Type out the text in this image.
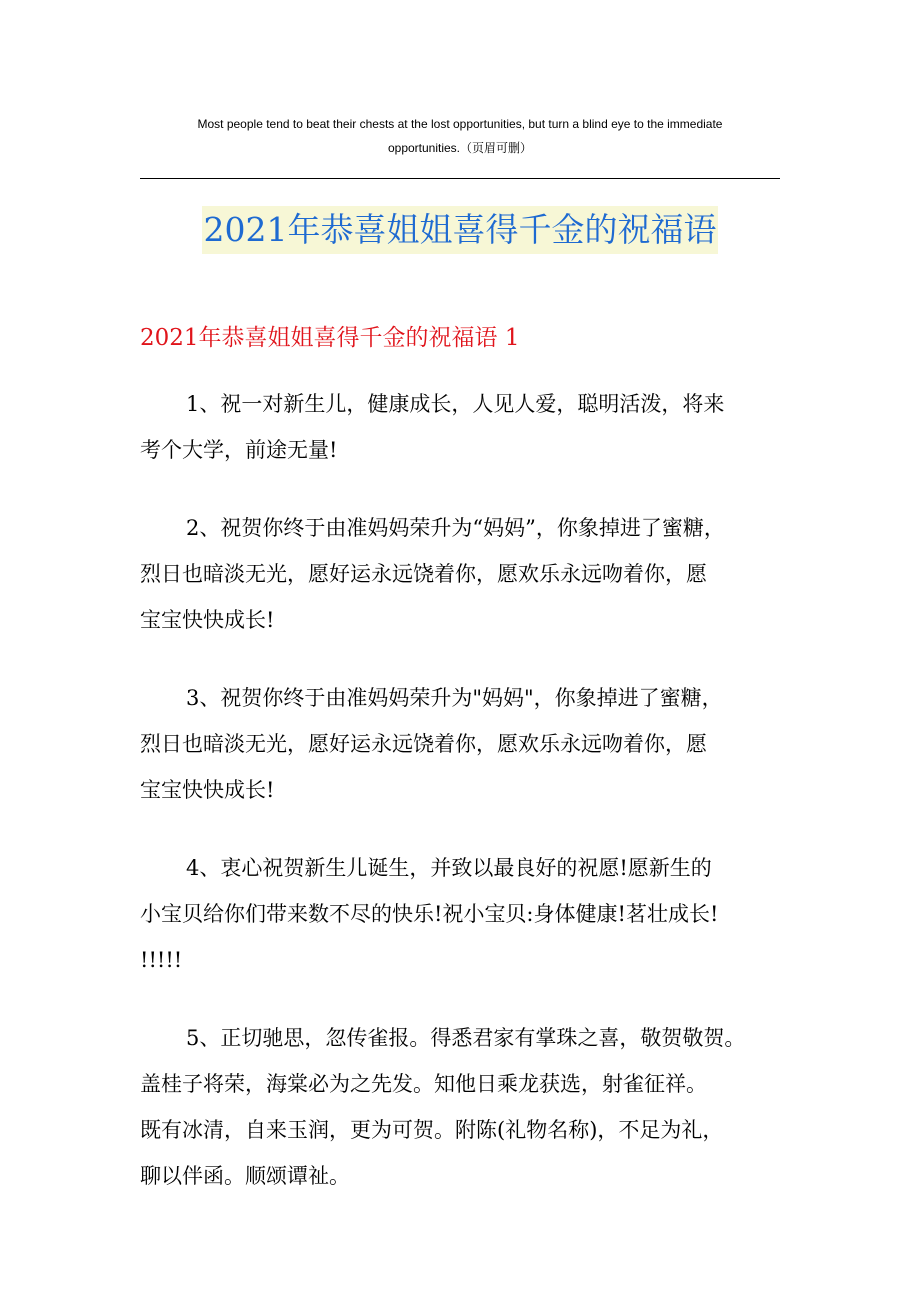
Most people tend to beat their chests at the lost opportunities, but turn a blind eye to the immediate
opportunities.（页眉可删）
2021年恭喜姐姐喜得千金的祝福语
2021年恭喜姐姐喜得千金的祝福语 1
1、祝一对新生儿，健康成长，人见人爱，聪明活泼，将来
考个大学，前途无量!
2、祝贺你终于由准妈妈荣升为“妈妈”，你象掉进了蜜糖，
烈日也暗淡无光，愿好运永远饶着你，愿欢乐永远吻着你，愿
宝宝快快成长!
3、祝贺你终于由准妈妈荣升为"妈妈"，你象掉进了蜜糖，
烈日也暗淡无光，愿好运永远饶着你，愿欢乐永远吻着你，愿
宝宝快快成长!
4、衷心祝贺新生儿诞生，并致以最良好的祝愿!愿新生的
小宝贝给你们带来数不尽的快乐!祝小宝贝:身体健康!茗壮成长!
!!!!!
5、正切驰思，忽传雀报。得悉君家有掌珠之喜，敬贺敬贺。
盖桂子将荣，海棠必为之先发。知他日乘龙获选，射雀征祥。
既有冰清，自来玉润，更为可贺。附陈(礼物名称)，不足为礼，
聊以伴函。顺颂谭祉。
